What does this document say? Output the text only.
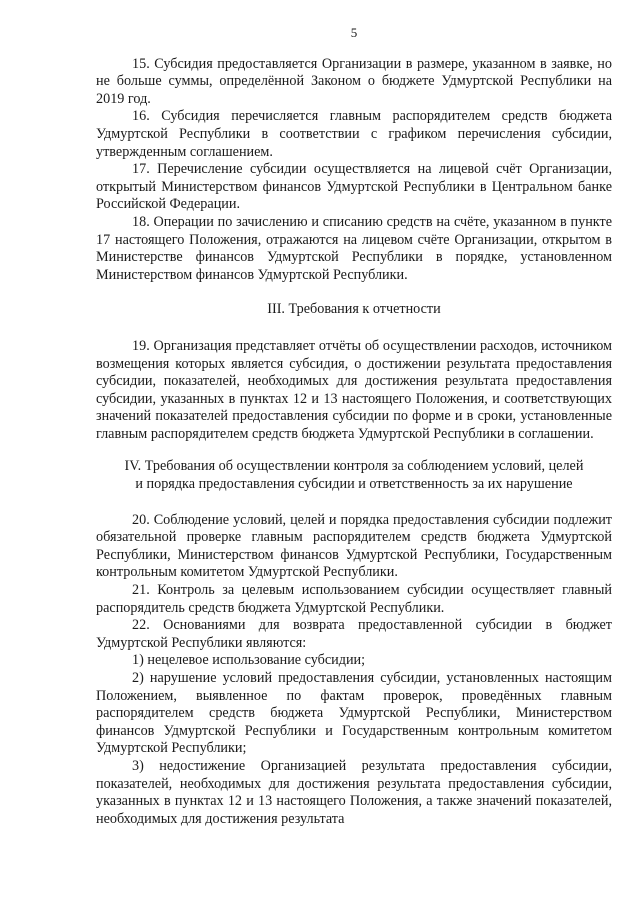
5

15. Субсидия предоставляется Организации в размере, указанном в заявке, но не больше суммы, определённой Законом о бюджете Удмуртской Республики на 2019 год.

16. Субсидия перечисляется главным распорядителем средств бюджета Удмуртской Республики в соответствии с графиком перечисления субсидии, утвержденным соглашением.

17. Перечисление субсидии осуществляется на лицевой счёт Организации, открытый Министерством финансов Удмуртской Республики в Центральном банке Российской Федерации.

18. Операции по зачислению и списанию средств на счёте, указанном в пункте 17 настоящего Положения, отражаются на лицевом счёте Организации, открытом в Министерстве финансов Удмуртской Республики в порядке, установленном Министерством финансов Удмуртской Республики.

III. Требования к отчетности

19. Организация представляет отчёты об осуществлении расходов, источником возмещения которых является субсидия, о достижении результата предоставления субсидии, показателей, необходимых для достижения результата предоставления субсидии, указанных в пунктах 12 и 13 настоящего Положения, и соответствующих значений показателей предоставления субсидии по форме и в сроки, установленные главным распорядителем средств бюджета Удмуртской Республики в соглашении.

IV. Требования об осуществлении контроля за соблюдением условий, целей
и порядка предоставления субсидии и ответственность за их нарушение

20. Соблюдение условий, целей и порядка предоставления субсидии подлежит обязательной проверке главным распорядителем средств бюджета Удмуртской Республики, Министерством финансов Удмуртской Республики, Государственным контрольным комитетом Удмуртской Республики.

21. Контроль за целевым использованием субсидии осуществляет главный распорядитель средств бюджета Удмуртской Республики.

22. Основаниями для возврата предоставленной субсидии в бюджет Удмуртской Республики являются:

1) нецелевое использование субсидии;

2) нарушение условий предоставления субсидии, установленных настоящим Положением, выявленное по фактам проверок, проведённых главным распорядителем средств бюджета Удмуртской Республики, Министерством финансов Удмуртской Республики и Государственным контрольным комитетом Удмуртской Республики;

3) недостижение Организацией результата предоставления субсидии, показателей, необходимых для достижения результата предоставления субсидии, указанных в пунктах 12 и 13 настоящего Положения, а также значений показателей, необходимых для достижения результата
